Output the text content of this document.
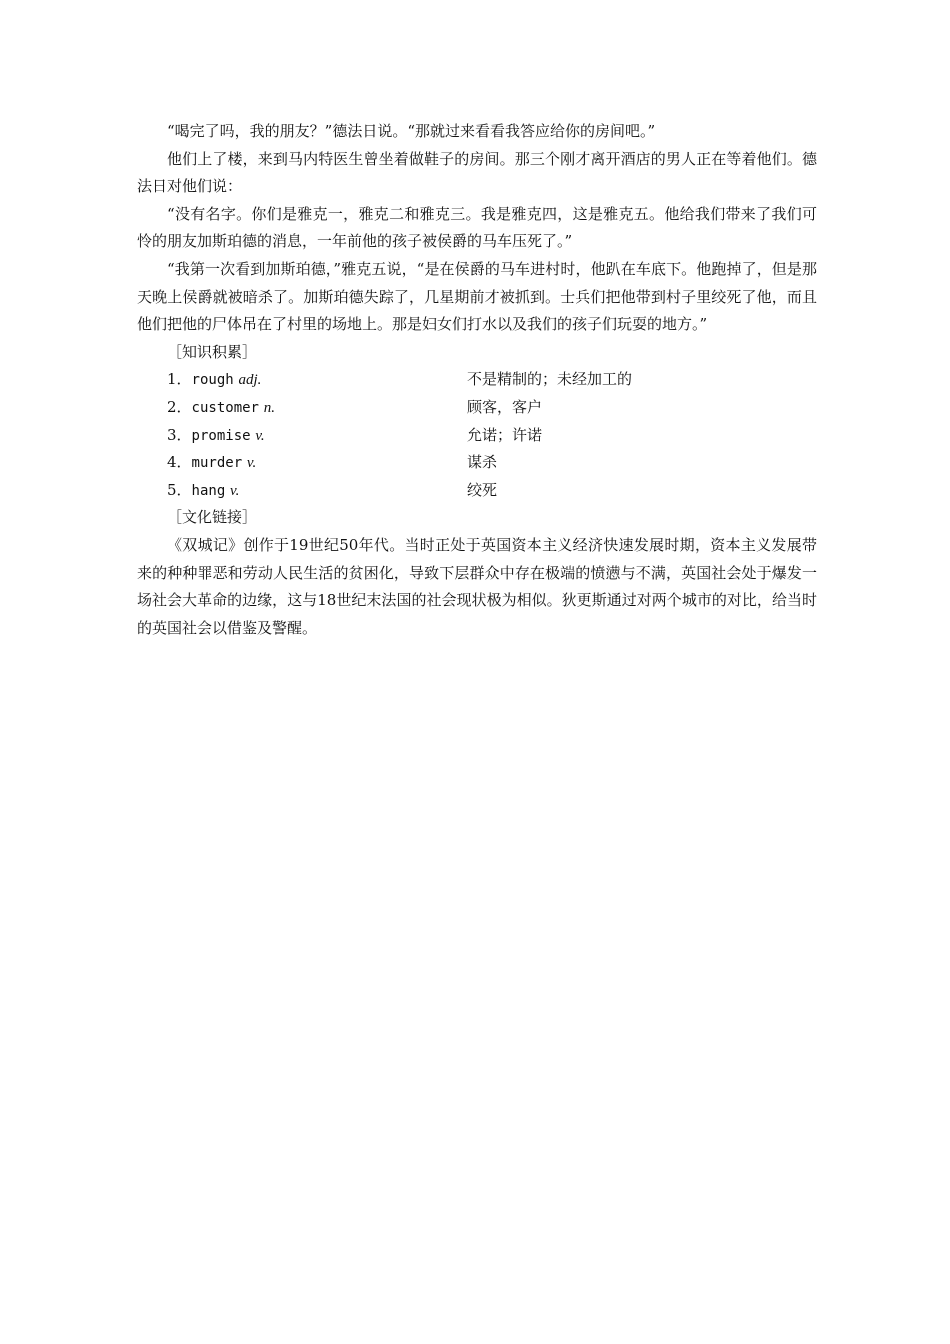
“喝完了吗，我的朋友？”德法日说。“那就过来看看我答应给你的房间吧。”

他们上了楼，来到马内特医生曾坐着做鞋子的房间。那三个刚才离开酒店的男人正在等着他们。德法日对他们说：

“没有名字。你们是雅克一，雅克二和雅克三。我是雅克四，这是雅克五。他给我们带来了我们可怜的朋友加斯珀德的消息，一年前他的孩子被侯爵的马车压死了。”

“我第一次看到加斯珀德，”雅克五说，“是在侯爵的马车进村时，他趴在车底下。他跑掉了，但是那天晚上侯爵就被暗杀了。加斯珀德失踪了，几星期前才被抓到。士兵们把他带到村子里绞死了他，而且他们把他的尸体吊在了村里的场地上。那是妇女们打水以及我们的孩子们玩耍的地方。”

［知识积累］

1．rough adj.	不是精制的；未经加工的
2．customer n.	顾客，客户
3．promise v.	允诺；许诺
4．murder v.	谋杀
5．hang v.	绞死

［文化链接］

《双城记》创作于19世纪50年代。当时正处于英国资本主义经济快速发展时期，资本主义发展带来的种种罪恶和劳动人民生活的贫困化，导致下层群众中存在极端的愤懑与不满，英国社会处于爆发一场社会大革命的边缘，这与18世纪末法国的社会现状极为相似。狄更斯通过对两个城市的对比，给当时的英国社会以借鉴及警醒。
